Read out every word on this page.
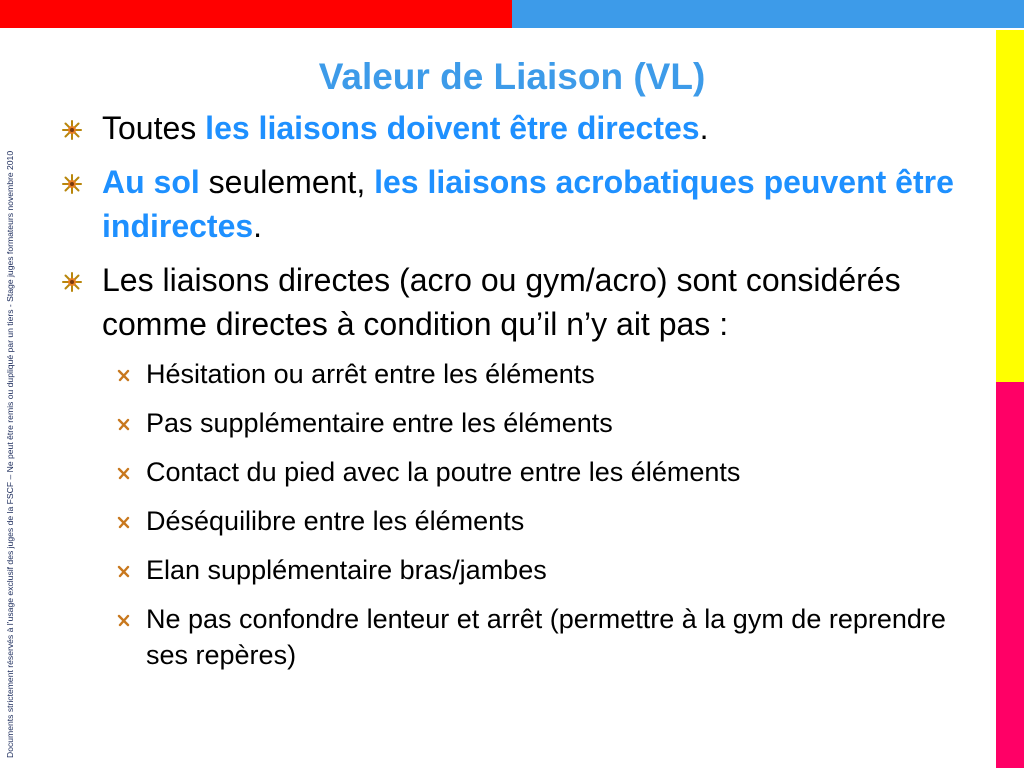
Documents strictement réservés à l’usage exclusif des juges de la FSCF – Ne peut être remis ou dupliqué par un tiers - Stage juges formateurs novembre 2010
Valeur de Liaison (VL)
Toutes les liaisons doivent être directes.
Au sol seulement, les liaisons acrobatiques peuvent être indirectes.
Les liaisons directes (acro ou gym/acro) sont considérés comme directes à condition qu’il n’y ait pas :
Hésitation ou arrêt entre les éléments
Pas supplémentaire entre les éléments
Contact du pied avec la poutre entre les éléments
Déséquilibre entre les éléments
Elan supplémentaire bras/jambes
Ne pas confondre lenteur et arrêt (permettre à la gym de reprendre ses repères)
